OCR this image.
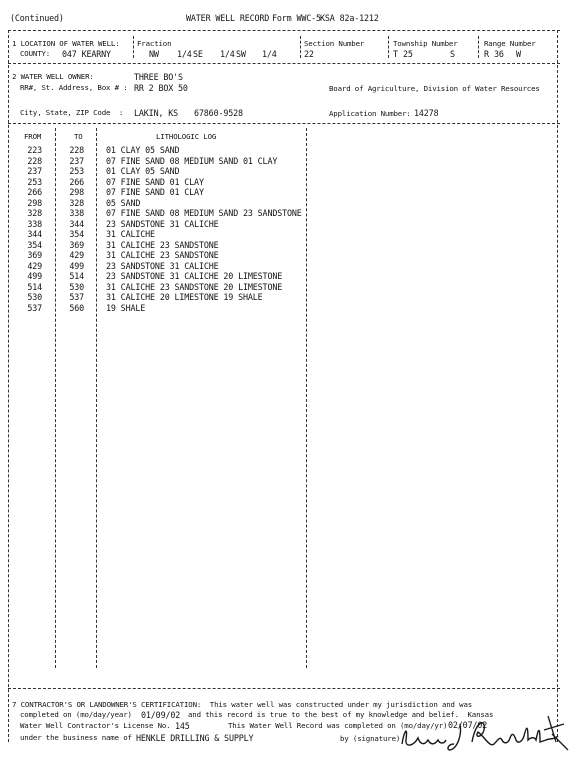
(Continued)	WATER WELL RECORD Form WWC-5 KSA 82a-1212
1 LOCATION OF WATER WELL:
COUNTY: 047 KEARNY
Fraction
NW 1/4 SE 1/4 SW 1/4
Section Number
22
Township Number
T 25	S
Range Number
R 36 W
2 WATER WELL OWNER:	THREE BO'S
RR#, St. Address, Box # : RR 2 BOX 50	Board of Agriculture, Division of Water Resources
City, State, ZIP Code  : LAKIN, KS 67860-9528	Application Number: 14278
FROM	TO	LITHOLOGIC LOG
223	228	01 CLAY 05 SAND
228	237	07 FINE SAND 08 MEDIUM SAND 01 CLAY
237	253	01 CLAY 05 SAND
253	266	07 FINE SAND 01 CLAY
266	298	07 FINE SAND 01 CLAY
298	328	05 SAND
328	338	07 FINE SAND 08 MEDIUM SAND 23 SANDSTONE
338	344	23 SANDSTONE 31 CALICHE
344	354	31 CALICHE
354	369	31 CALICHE 23 SANDSTONE
369	429	31 CALICHE 23 SANDSTONE
429	499	23 SANDSTONE 31 CALICHE
499	514	23 SANDSTONE 31 CALICHE 20 LIMESTONE
514	530	31 CALICHE 23 SANDSTONE 20 LIMESTONE
530	537	31 CALICHE 20 LIMESTONE 19 SHALE
537	560	19 SHALE
7 CONTRACTOR'S OR LANDOWNER'S CERTIFICATION:  This water well was constructed under my jurisdiction and was
completed on (mo/day/year) 01/09/02 and this record is true to the best of my knowledge and belief.  Kansas
Water Well Contractor's License No. 145	This Water Well Record was completed on (mo/day/yr) 02/07/02
under the business name of HENKLE DRILLING & SUPPLY	by (signature)
